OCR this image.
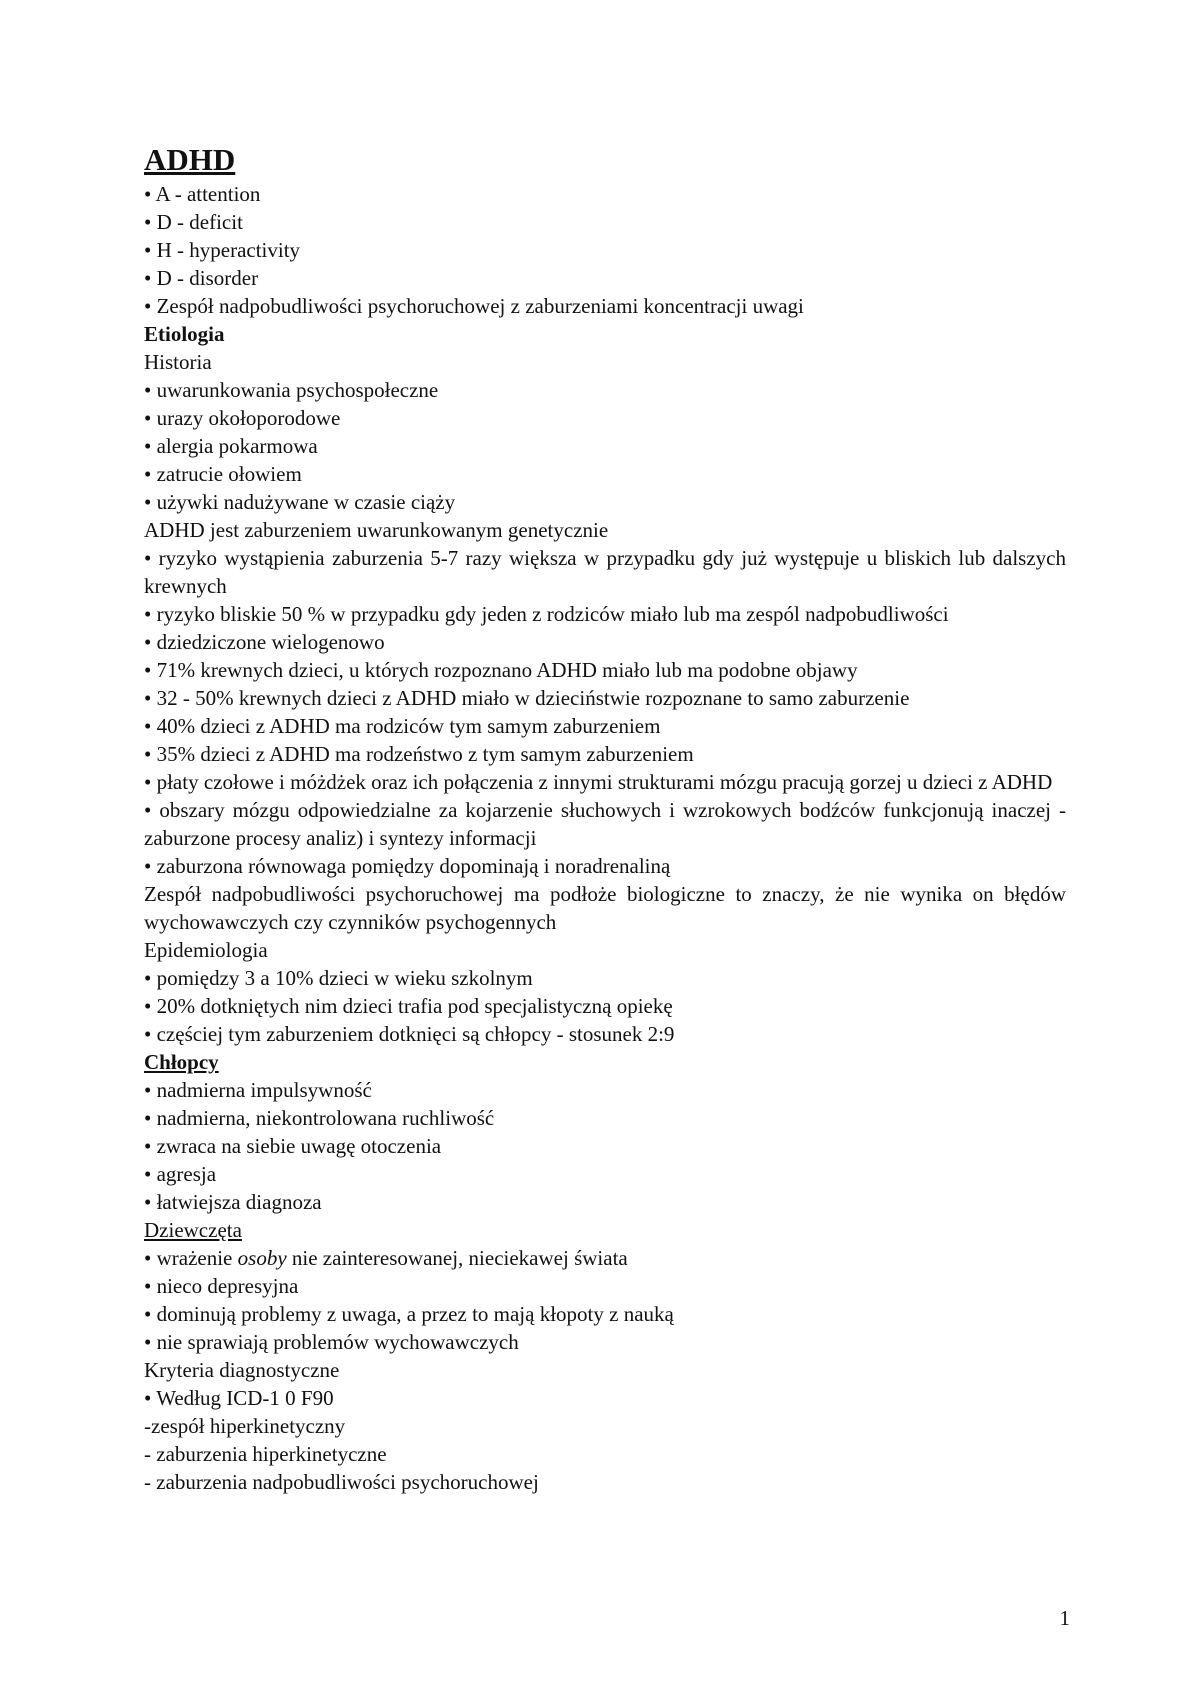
ADHD

• A - attention

• D - deficit

• H - hyperactivity

• D - disorder

• Zespół nadpobudliwości psychoruchowej z zaburzeniami koncentracji uwagi

Etiologia

Historia

• uwarunkowania psychospołeczne

• urazy okołoporodowe

• alergia pokarmowa

• zatrucie ołowiem

• używki nadużywane w czasie ciąży

ADHD jest zaburzeniem uwarunkowanym genetycznie

• ryzyko wystąpienia zaburzenia 5-7 razy większa w przypadku gdy już występuje u bliskich lub dalszych krewnych

• ryzyko bliskie 50 % w przypadku gdy jeden z rodziców miało lub ma zespól nadpobudliwości

• dziedziczone wielogenowo

• 71% krewnych dzieci, u których rozpoznano ADHD miało lub ma podobne objawy

• 32 - 50% krewnych dzieci z ADHD miało w dzieciństwie rozpoznane to samo zaburzenie

• 40% dzieci z ADHD ma rodziców tym samym zaburzeniem

• 35% dzieci z ADHD ma rodzeństwo z tym samym zaburzeniem

• płaty czołowe i móżdżek oraz ich połączenia z innymi strukturami mózgu pracują gorzej u dzieci z ADHD

• obszary mózgu odpowiedzialne za kojarzenie słuchowych i wzrokowych bodźców funkcjonują inaczej - zaburzone procesy analiz) i syntezy informacji

• zaburzona równowaga pomiędzy dopominają i noradrenaliną

Zespół nadpobudliwości psychoruchowej ma podłoże biologiczne to znaczy, że nie wynika on błędów wychowawczych czy czynników psychogennych

Epidemiologia

• pomiędzy 3 a 10% dzieci w wieku szkolnym

• 20% dotkniętych nim dzieci trafia pod specjalistyczną opiekę

• częściej tym zaburzeniem dotknięci są chłopcy - stosunek 2:9

Chłopcy

• nadmierna impulsywność

• nadmierna, niekontrolowana ruchliwość

• zwraca na siebie uwagę otoczenia

• agresja

• łatwiejsza diagnoza

Dziewczęta

• wrażenie osoby nie zainteresowanej, nieciekawej świata

• nieco depresyjna

• dominują problemy z uwaga, a przez to mają kłopoty z nauką

• nie sprawiają problemów wychowawczych

Kryteria diagnostyczne

• Według ICD-1 0 F90

-zespół hiperkinetyczny

- zaburzenia hiperkinetyczne

- zaburzenia nadpobudliwości psychoruchowej

1
